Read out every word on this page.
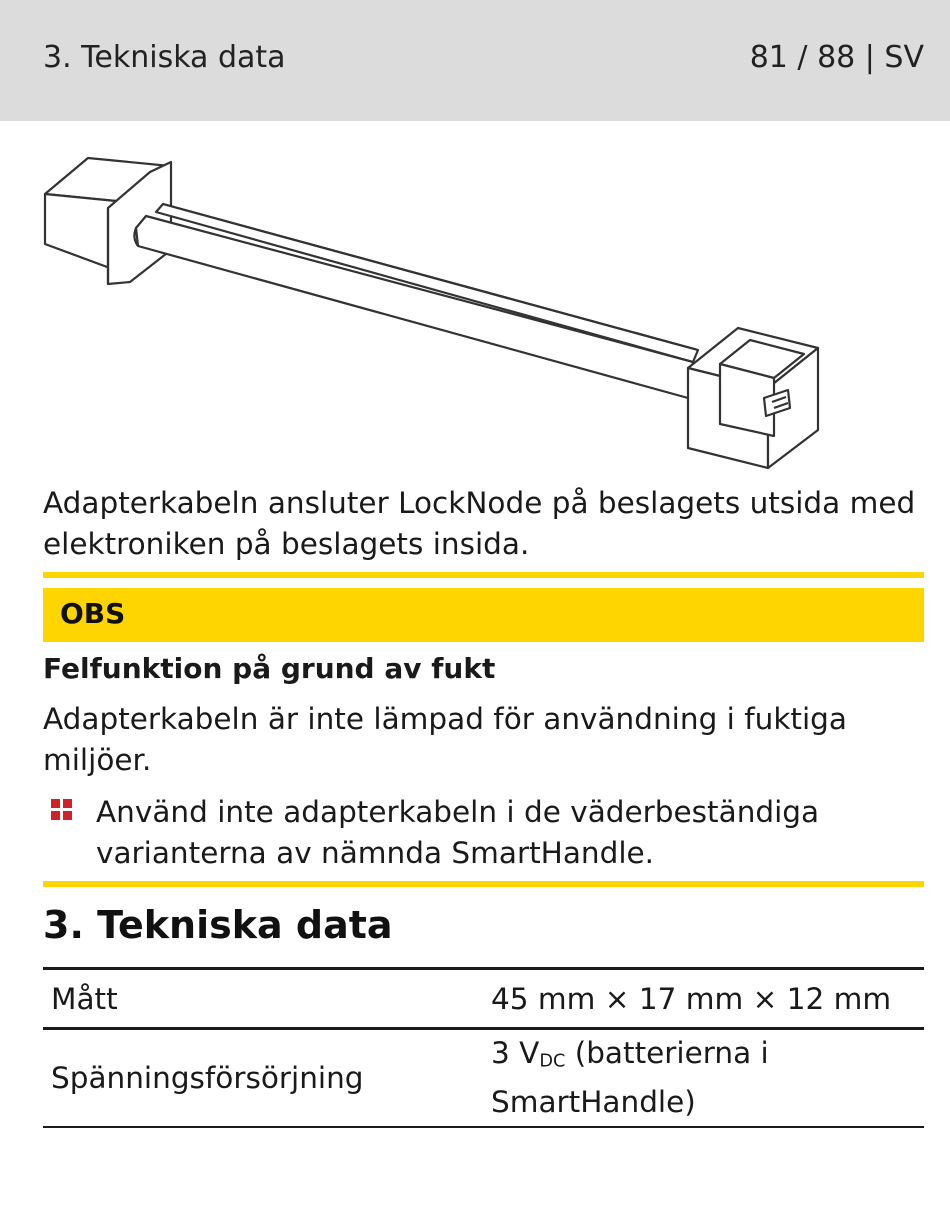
3. Tekniska data	81 / 88 | SV
Adapterkabeln ansluter LockNode på beslagets utsida med elektroniken på beslagets insida.
OBS
Felfunktion på grund av fukt
Adapterkabeln är inte lämpad för användning i fuktiga miljöer.
Använd inte adapterkabeln i de väderbeständiga varianterna av nämnda SmartHandle.
3. Tekniska data
Mått	45 mm × 17 mm × 12 mm
Spänningsförsörjning	3 $V_{DC}$ (batterierna i SmartHandle)
